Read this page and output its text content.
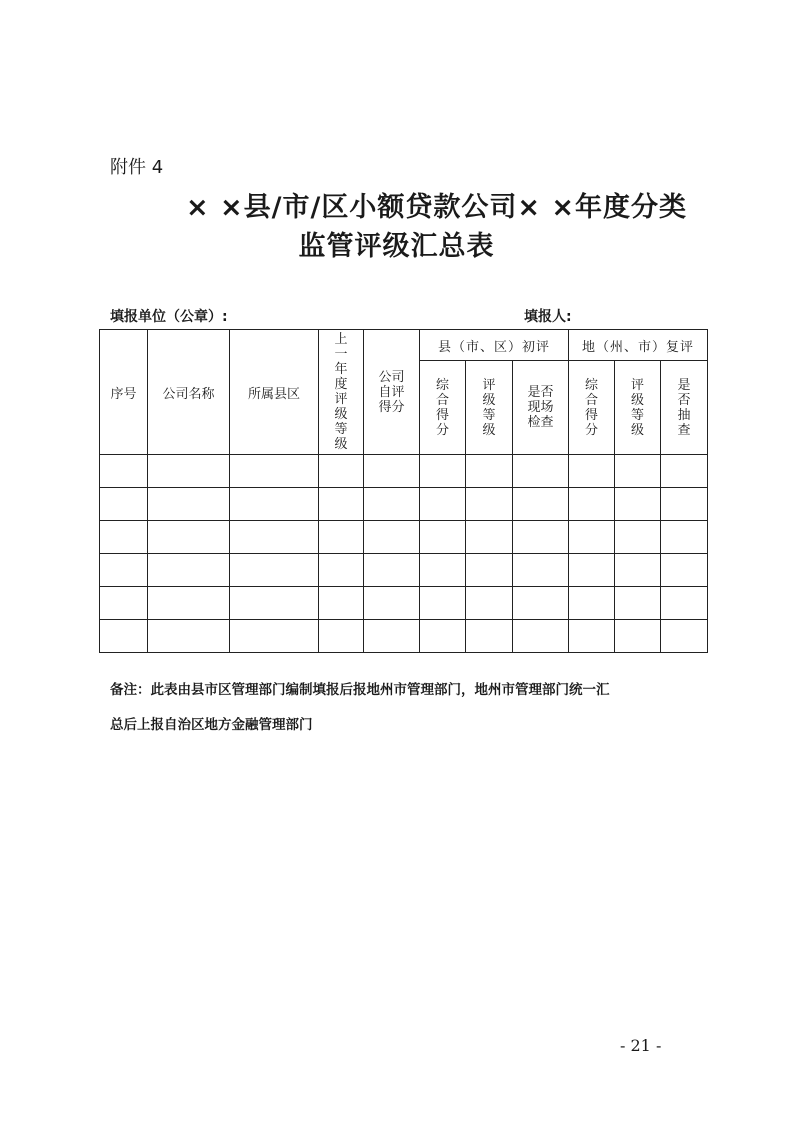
附件 4
× ×县/市/区小额贷款公司× ×年度分类
监管评级汇总表
填报单位（公章）:	填报人:
序号	公司名称	所属县区	上一年度评级等级	公司自评得分	县（市、区）初评			地（州、市）复评		
					综合得分	评级等级	是否现场检查	综合得分	评级等级	是否抽查

备注：此表由县市区管理部门编制填报后报地州市管理部门，地州市管理部门统一汇
总后上报自治区地方金融管理部门
- 21 -
